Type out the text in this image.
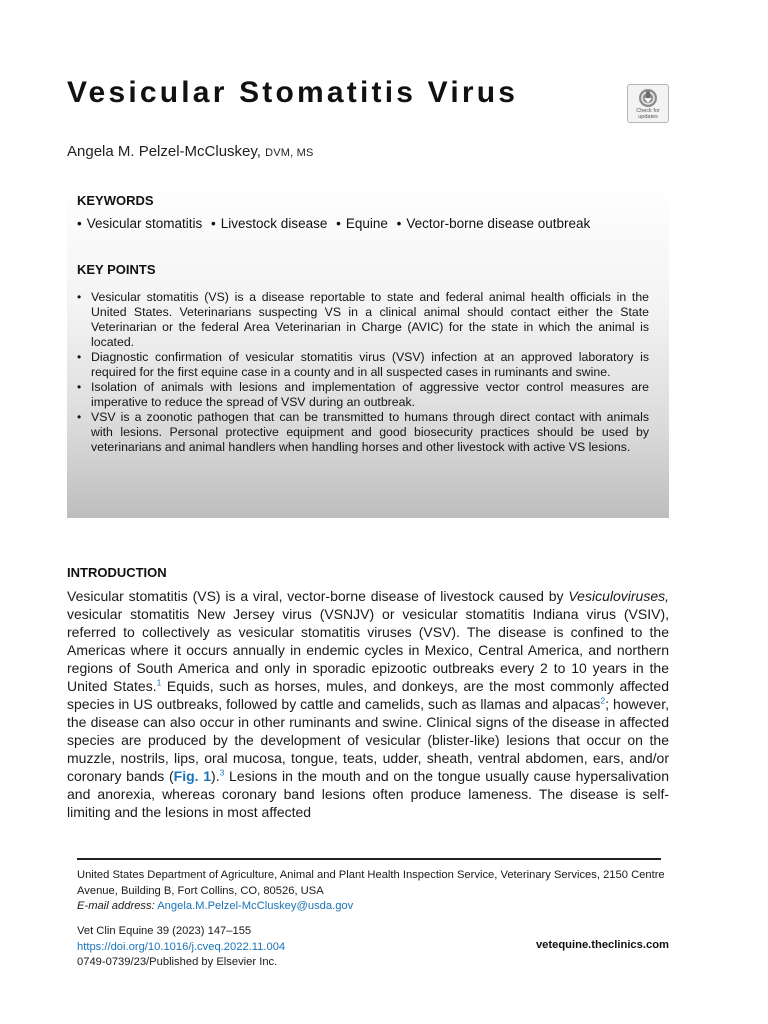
Vesicular Stomatitis Virus
Check for
updates
Angela M. Pelzel-McCluskey, DVM, MS
KEYWORDS
• Vesicular stomatitis • Livestock disease • Equine • Vector-borne disease outbreak
KEY POINTS
• Vesicular stomatitis (VS) is a disease reportable to state and federal animal health officials in the United States. Veterinarians suspecting VS in a clinical animal should contact either the State Veterinarian or the federal Area Veterinarian in Charge (AVIC) for the state in which the animal is located.
• Diagnostic confirmation of vesicular stomatitis virus (VSV) infection at an approved laboratory is required for the first equine case in a county and in all suspected cases in ruminants and swine.
• Isolation of animals with lesions and implementation of aggressive vector control measures are imperative to reduce the spread of VSV during an outbreak.
• VSV is a zoonotic pathogen that can be transmitted to humans through direct contact with animals with lesions. Personal protective equipment and good biosecurity practices should be used by veterinarians and animal handlers when handling horses and other livestock with active VS lesions.
INTRODUCTION

Vesicular stomatitis (VS) is a viral, vector-borne disease of livestock caused by Vesiculoviruses, vesicular stomatitis New Jersey virus (VSNJV) or vesicular stomatitis Indiana virus (VSIV), referred to collectively as vesicular stomatitis viruses (VSV). The disease is confined to the Americas where it occurs annually in endemic cycles in Mexico, Central America, and northern regions of South America and only in sporadic epizootic outbreaks every 2 to 10 years in the United States.$^1$ Equids, such as horses, mules, and donkeys, are the most commonly affected species in US outbreaks, followed by cattle and camelids, such as llamas and alpacas$^2$; however, the disease can also occur in other ruminants and swine. Clinical signs of the disease in affected species are produced by the development of vesicular (blister-like) lesions that occur on the muzzle, nostrils, lips, oral mucosa, tongue, teats, udder, sheath, ventral abdomen, ears, and/or coronary bands (Fig. 1).$^3$ Lesions in the mouth and on the tongue usually cause hypersalivation and anorexia, whereas coronary band lesions often produce lameness. The disease is self-limiting and the lesions in most affected

United States Department of Agriculture, Animal and Plant Health Inspection Service, Veterinary Services, 2150 Centre Avenue, Building B, Fort Collins, CO, 80526, USA
E-mail address: Angela.M.Pelzel-McCluskey@usda.gov
Vet Clin Equine 39 (2023) 147–155
https://doi.org/10.1016/j.cveq.2022.11.004
0749-0739/23/Published by Elsevier Inc.
vetequine.theclinics.com
